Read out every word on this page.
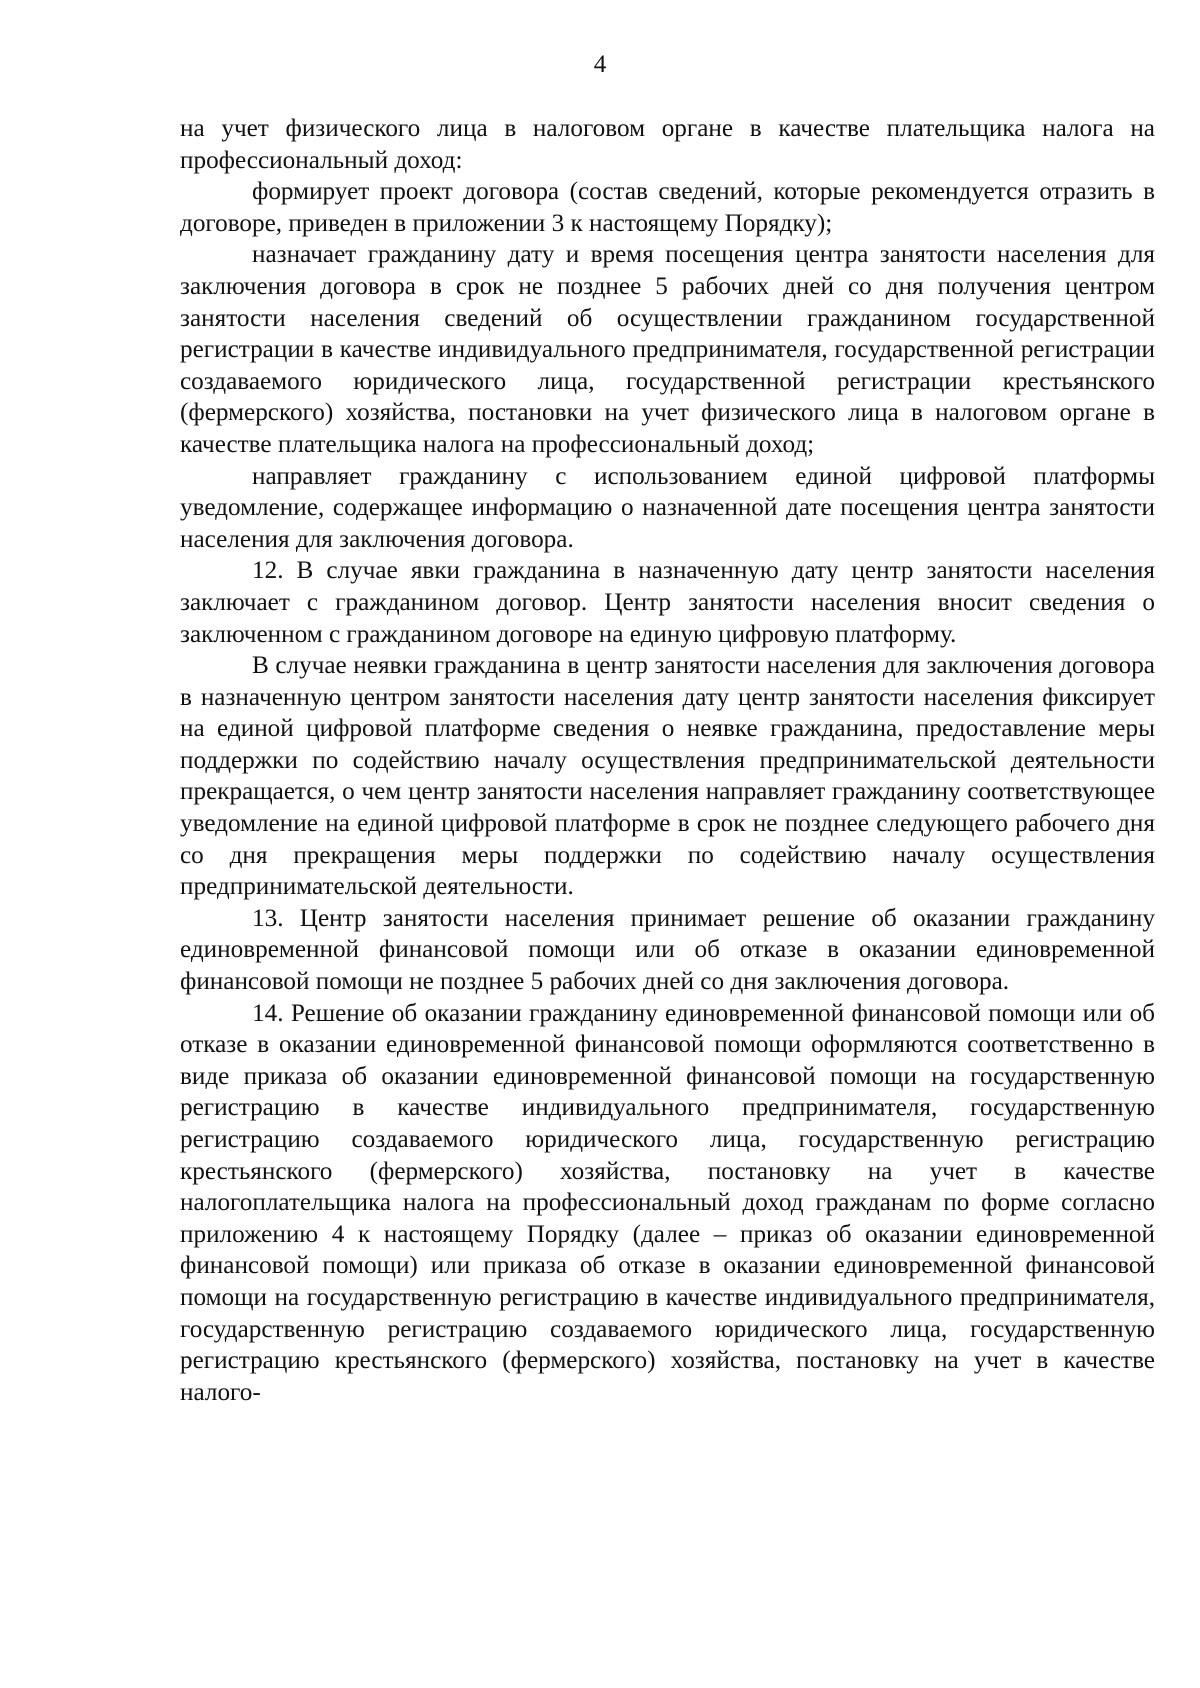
4

на учет физического лица в налоговом органе в качестве плательщика налога на профессиональный доход:

формирует проект договора (состав сведений, которые рекомендуется отразить в договоре, приведен в приложении 3 к настоящему Порядку);

назначает гражданину дату и время посещения центра занятости населения для заключения договора в срок не позднее 5 рабочих дней со дня получения центром занятости населения сведений об осуществлении гражданином государственной регистрации в качестве индивидуального предпринимателя, государственной регистрации создаваемого юридического лица, государственной регистрации крестьянского (фермерского) хозяйства, постановки на учет физического лица в налоговом органе в качестве плательщика налога на профессиональный доход;

направляет гражданину с использованием единой цифровой платформы уведомление, содержащее информацию о назначенной дате посещения центра занятости населения для заключения договора.

12. В случае явки гражданина в назначенную дату центр занятости населения заключает с гражданином договор. Центр занятости населения вносит сведения о заключенном с гражданином договоре на единую цифровую платформу.

В случае неявки гражданина в центр занятости населения для заключения договора в назначенную центром занятости населения дату центр занятости населения фиксирует на единой цифровой платформе сведения о неявке гражданина, предоставление меры поддержки по содействию началу осуществления предпринимательской деятельности прекращается, о чем центр занятости населения направляет гражданину соответствующее уведомление на единой цифровой платформе в срок не позднее следующего рабочего дня со дня прекращения меры поддержки по содействию началу осуществления предпринимательской деятельности.

13. Центр занятости населения принимает решение об оказании гражданину единовременной финансовой помощи или об отказе в оказании единовременной финансовой помощи не позднее 5 рабочих дней со дня заключения договора.

14. Решение об оказании гражданину единовременной финансовой помощи или об отказе в оказании единовременной финансовой помощи оформляются соответственно в виде приказа об оказании единовременной финансовой помощи на государственную регистрацию в качестве индивидуального предпринимателя, государственную регистрацию создаваемого юридического лица, государственную регистрацию крестьянского (фермерского) хозяйства, постановку на учет в качестве налогоплательщика налога на профессиональный доход гражданам по форме согласно приложению 4 к настоящему Порядку (далее – приказ об оказании единовременной финансовой помощи) или приказа об отказе в оказании единовременной финансовой помощи на государственную регистрацию в качестве индивидуального предпринимателя, государственную регистрацию создаваемого юридического лица, государственную регистрацию крестьянского (фермерского) хозяйства, постановку на учет в качестве налого-
